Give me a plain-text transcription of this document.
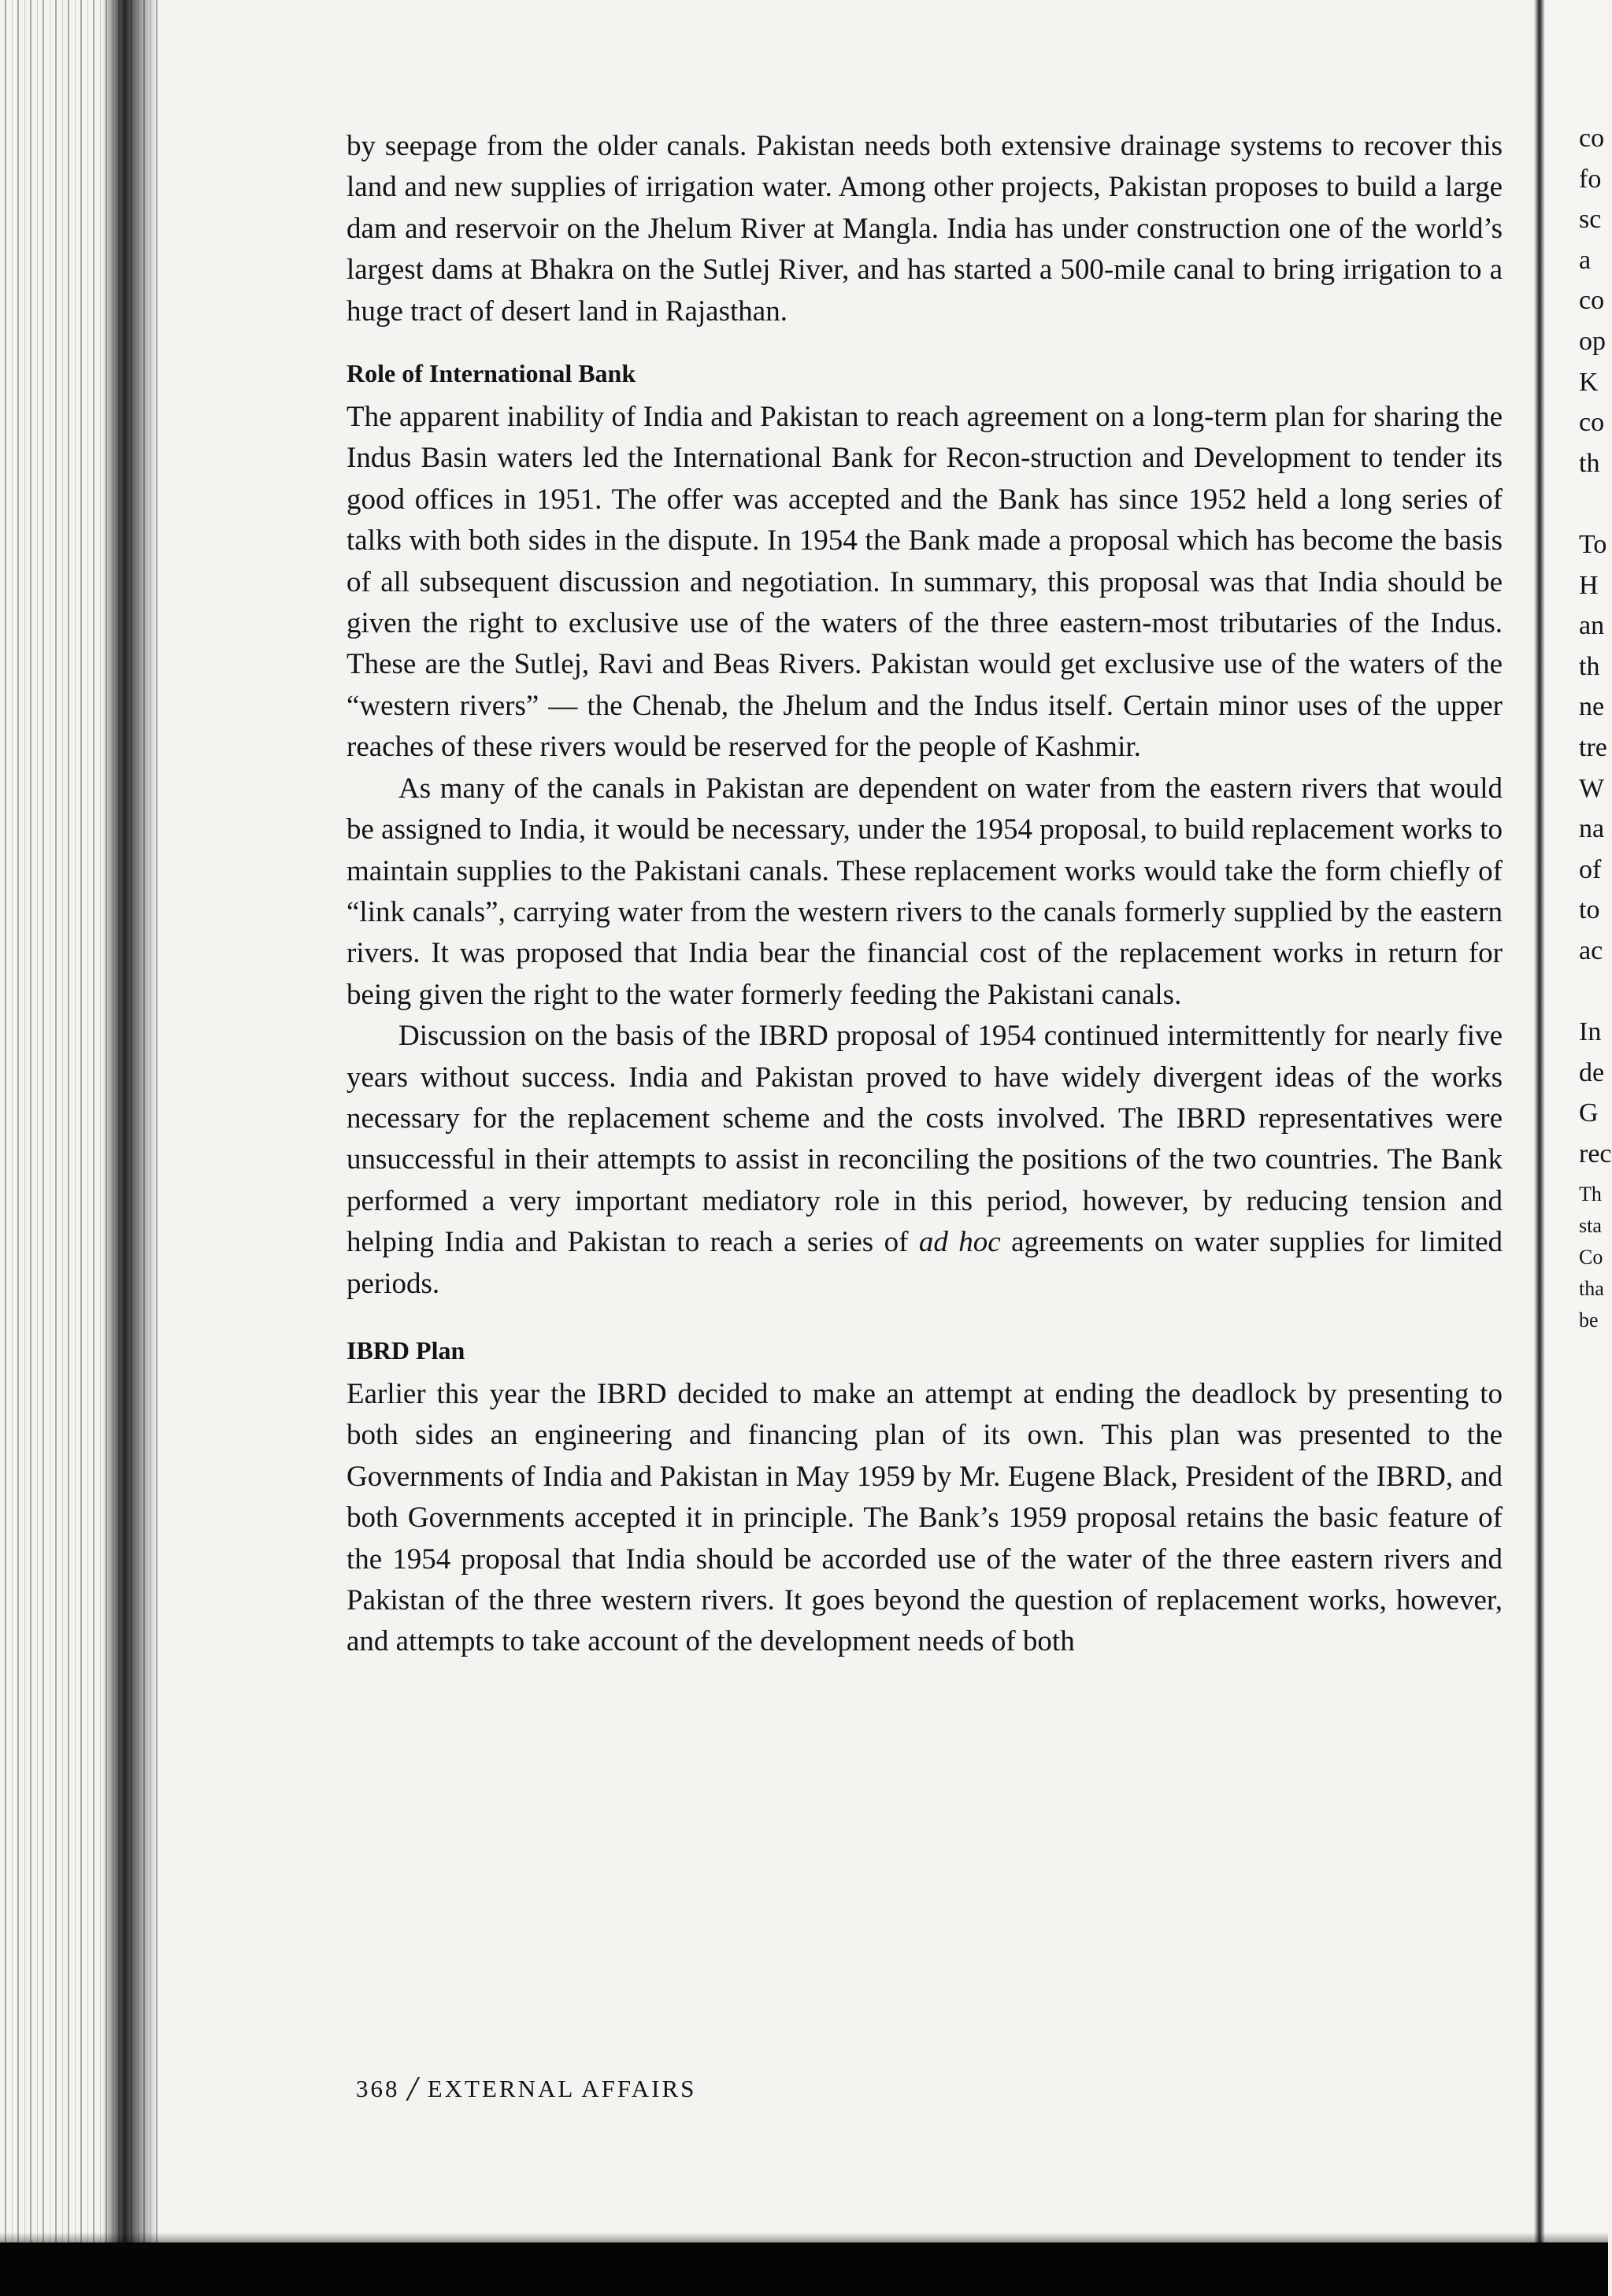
co
fo
sc
a
co
op
K
co
th
To
H
an
th
ne
tre
W
na
of
to
ac
In
de
G
rec
Th
sta
Co
tha
be

by seepage from the older canals. Pakistan needs both extensive drainage systems to recover this land and new supplies of irrigation water. Among other projects, Pakistan proposes to build a large dam and reservoir on the Jhelum River at Mangla. India has under construction one of the world’s largest dams at Bhakra on the Sutlej River, and has started a 500-mile canal to bring irrigation to a huge tract of desert land in Rajasthan.

Role of International Bank

The apparent inability of India and Pakistan to reach agreement on a long-term plan for sharing the Indus Basin waters led the International Bank for Recon-struction and Development to tender its good offices in 1951. The offer was accepted and the Bank has since 1952 held a long series of talks with both sides in the dispute. In 1954 the Bank made a proposal which has become the basis of all subsequent discussion and negotiation. In summary, this proposal was that India should be given the right to exclusive use of the waters of the three eastern-most tributaries of the Indus. These are the Sutlej, Ravi and Beas Rivers. Pakistan would get exclusive use of the waters of the “western rivers” — the Chenab, the Jhelum and the Indus itself. Certain minor uses of the upper reaches of these rivers would be reserved for the people of Kashmir.

As many of the canals in Pakistan are dependent on water from the eastern rivers that would be assigned to India, it would be necessary, under the 1954 proposal, to build replacement works to maintain supplies to the Pakistani canals. These replacement works would take the form chiefly of “link canals”, carrying water from the western rivers to the canals formerly supplied by the eastern rivers. It was proposed that India bear the financial cost of the replacement works in return for being given the right to the water formerly feeding the Pakistani canals.

Discussion on the basis of the IBRD proposal of 1954 continued intermittently for nearly five years without success. India and Pakistan proved to have widely divergent ideas of the works necessary for the replacement scheme and the costs involved. The IBRD representatives were unsuccessful in their attempts to assist in reconciling the positions of the two countries. The Bank performed a very important mediatory role in this period, however, by reducing tension and helping India and Pakistan to reach a series of ad hoc agreements on water supplies for limited periods.

IBRD Plan

Earlier this year the IBRD decided to make an attempt at ending the deadlock by presenting to both sides an engineering and financing plan of its own. This plan was presented to the Governments of India and Pakistan in May 1959 by Mr. Eugene Black, President of the IBRD, and both Governments accepted it in principle. The Bank’s 1959 proposal retains the basic feature of the 1954 proposal that India should be accorded use of the water of the three eastern rivers and Pakistan of the three western rivers. It goes beyond the question of replacement works, however, and attempts to take account of the development needs of both

368 / EXTERNAL AFFAIRS
